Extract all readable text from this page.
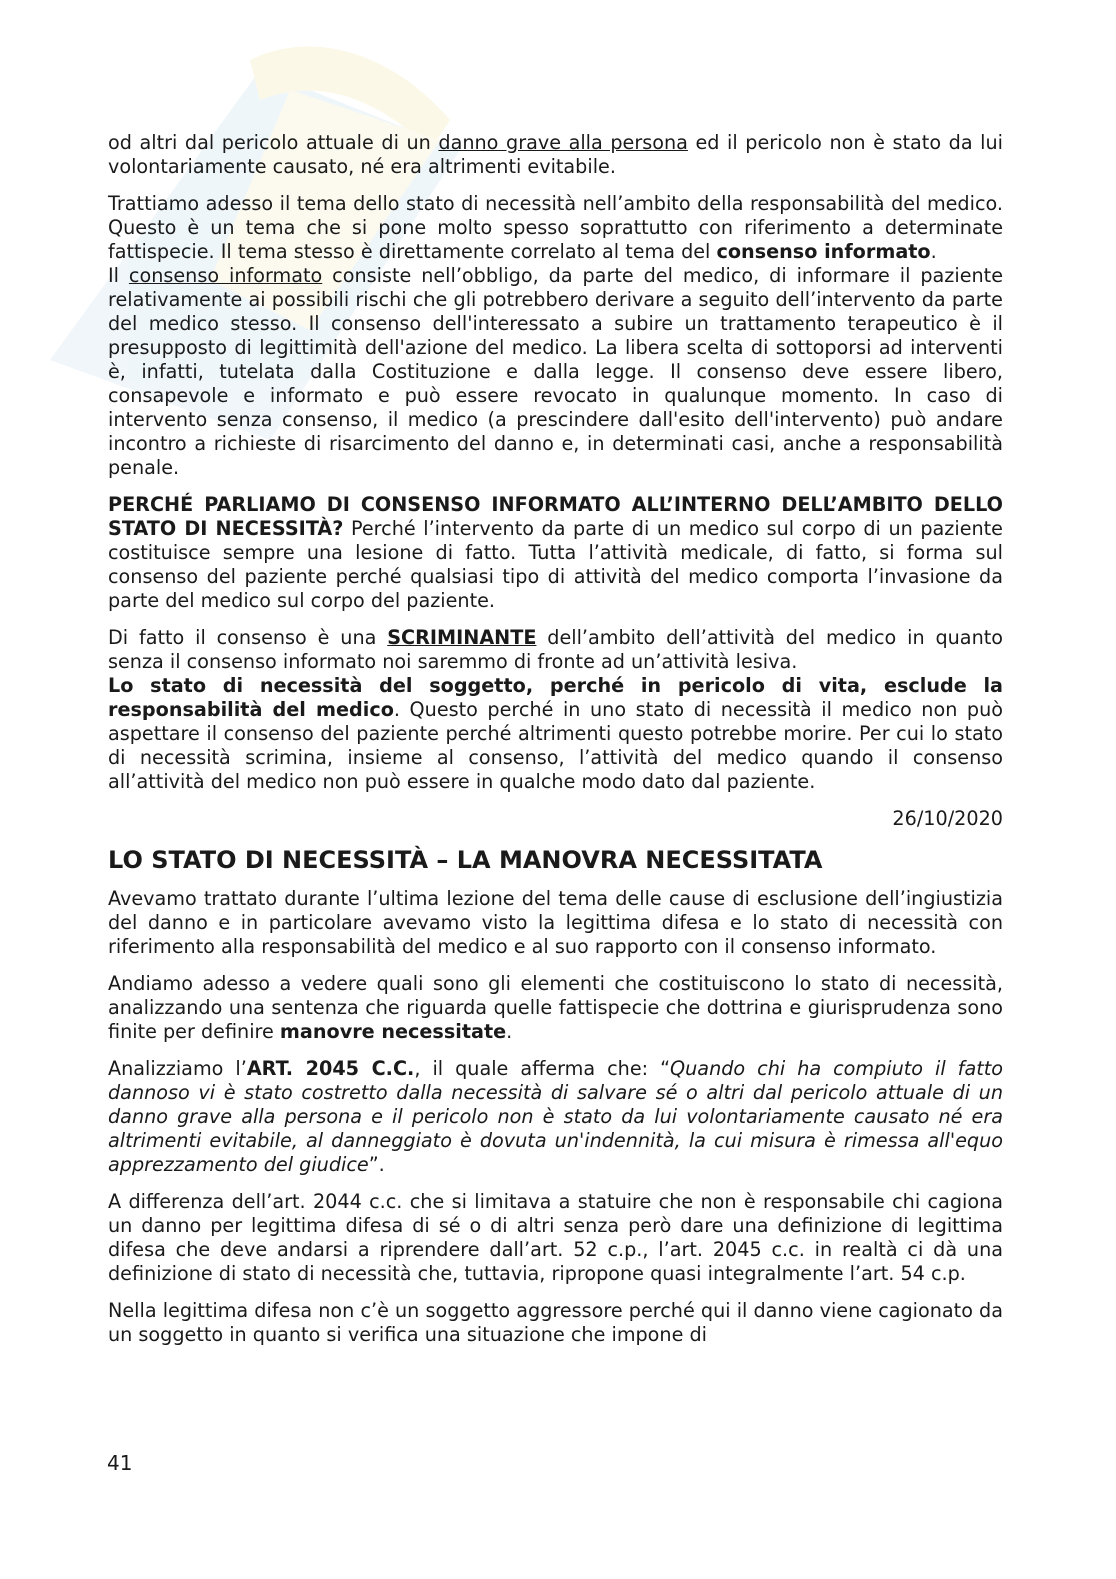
od altri dal pericolo attuale di un danno grave alla persona ed il pericolo non è stato da lui volontariamente causato, né era altrimenti evitabile.

Trattiamo adesso il tema dello stato di necessità nell’ambito della responsabilità del medico. Questo è un tema che si pone molto spesso soprattutto con riferimento a determinate fattispecie. Il tema stesso è direttamente correlato al tema del consenso informato.

Il consenso informato consiste nell’obbligo, da parte del medico, di informare il paziente relativamente ai possibili rischi che gli potrebbero derivare a seguito dell’intervento da parte del medico stesso. Il consenso dell'interessato a subire un trattamento terapeutico è il presupposto di legittimità dell'azione del medico. La libera scelta di sottoporsi ad interventi è, infatti, tutelata dalla Costituzione e dalla legge. Il consenso deve essere libero, consapevole e informato e può essere revocato in qualunque momento. In caso di intervento senza consenso, il medico (a prescindere dall'esito dell'intervento) può andare incontro a richieste di risarcimento del danno e, in determinati casi, anche a responsabilità penale.

PERCHÉ PARLIAMO DI CONSENSO INFORMATO ALL’INTERNO DELL’AMBITO DELLO STATO DI NECESSITÀ? Perché l’intervento da parte di un medico sul corpo di un paziente costituisce sempre una lesione di fatto. Tutta l’attività medicale, di fatto, si forma sul consenso del paziente perché qualsiasi tipo di attività del medico comporta l’invasione da parte del medico sul corpo del paziente.

Di fatto il consenso è una SCRIMINANTE dell’ambito dell’attività del medico in quanto senza il consenso informato noi saremmo di fronte ad un’attività lesiva.

Lo stato di necessità del soggetto, perché in pericolo di vita, esclude la responsabilità del medico. Questo perché in uno stato di necessità il medico non può aspettare il consenso del paziente perché altrimenti questo potrebbe morire. Per cui lo stato di necessità scrimina, insieme al consenso, l’attività del medico quando il consenso all’attività del medico non può essere in qualche modo dato dal paziente.

26/10/2020
LO STATO DI NECESSITÀ – LA MANOVRA NECESSITATA

Avevamo trattato durante l’ultima lezione del tema delle cause di esclusione dell’ingiustizia del danno e in particolare avevamo visto la legittima difesa e lo stato di necessità con riferimento alla responsabilità del medico e al suo rapporto con il consenso informato.

Andiamo adesso a vedere quali sono gli elementi che costituiscono lo stato di necessità, analizzando una sentenza che riguarda quelle fattispecie che dottrina e giurisprudenza sono finite per definire manovre necessitate.

Analizziamo l’ART. 2045 C.C., il quale afferma che: “Quando chi ha compiuto il fatto dannoso vi è stato costretto dalla necessità di salvare sé o altri dal pericolo attuale di un danno grave alla persona e il pericolo non è stato da lui volontariamente causato né era altrimenti evitabile, al danneggiato è dovuta un'indennità, la cui misura è rimessa all'equo apprezzamento del giudice”.

A differenza dell’art. 2044 c.c. che si limitava a statuire che non è responsabile chi cagiona un danno per legittima difesa di sé o di altri senza però dare una definizione di legittima difesa che deve andarsi a riprendere dall’art. 52 c.p., l’art. 2045 c.c. in realtà ci dà una definizione di stato di necessità che, tuttavia, ripropone quasi integralmente l’art. 54 c.p.

Nella legittima difesa non c’è un soggetto aggressore perché qui il danno viene cagionato da un soggetto in quanto si verifica una situazione che impone di

41
